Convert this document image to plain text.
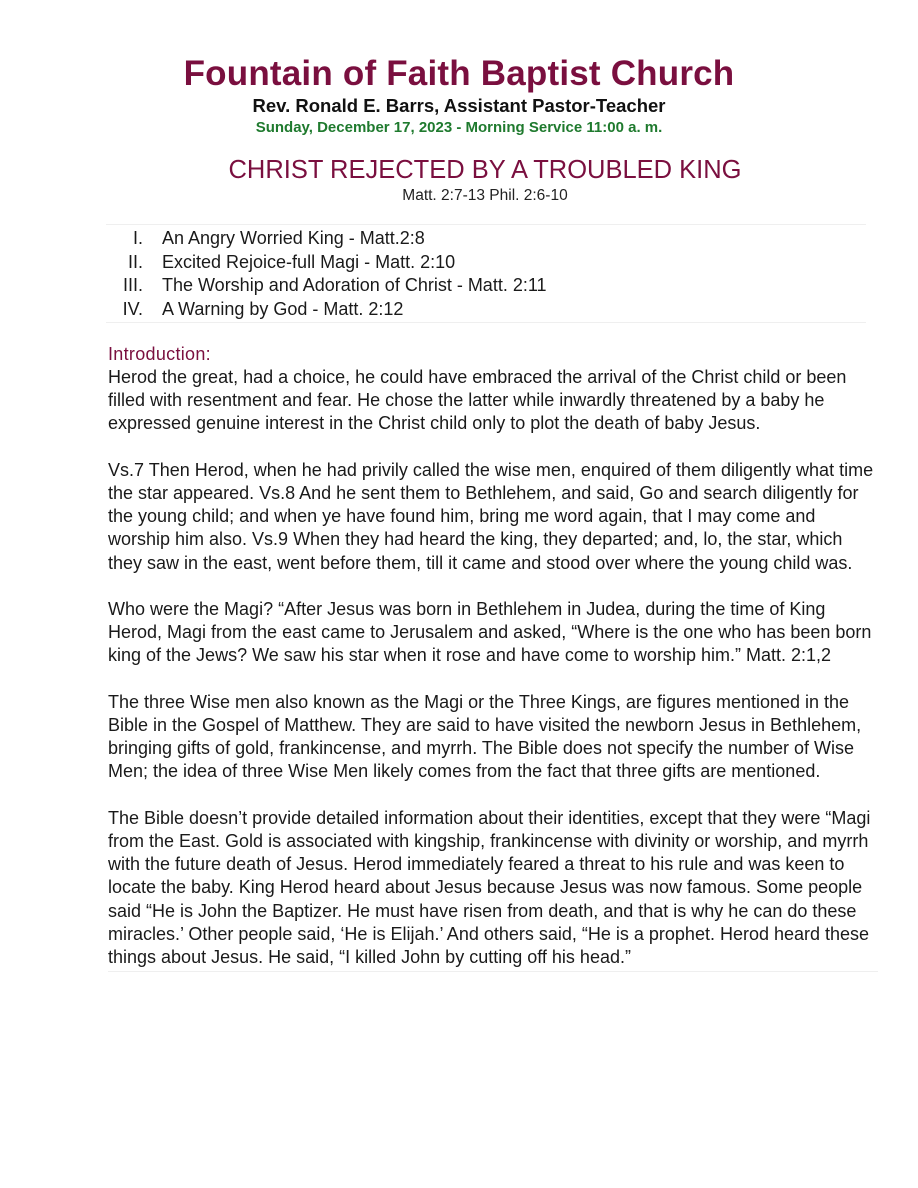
Fountain of Faith Baptist Church
Rev. Ronald E. Barrs, Assistant Pastor-Teacher
Sunday, December 17, 2023 - Morning Service 11:00 a. m.
CHRIST REJECTED BY A TROUBLED KING
Matt. 2:7-13 Phil. 2:6-10
I.	An Angry Worried King - Matt.2:8
II.	Excited Rejoice-full Magi - Matt. 2:10
III.	The Worship and Adoration of Christ - Matt. 2:11
IV.	A Warning by God - Matt. 2:12
Introduction:

Herod the great, had a choice, he could have embraced the arrival of the Christ child or been filled with resentment and fear. He chose the latter while inwardly threatened by a baby he expressed genuine interest in the Christ child only to plot the death of baby Jesus.

Vs.7 Then Herod, when he had privily called the wise men, enquired of them diligently what time the star appeared. Vs.8 And he sent them to Bethlehem, and said, Go and search diligently for the young child; and when ye have found him, bring me word again, that I may come and worship him also. Vs.9 When they had heard the king, they departed; and, lo, the star, which they saw in the east, went before them, till it came and stood over where the young child was.

Who were the Magi? “After Jesus was born in Bethlehem in Judea, during the time of King Herod, Magi from the east came to Jerusalem and asked, “Where is the one who has been born king of the Jews? We saw his star when it rose and have come to worship him.” Matt. 2:1,2

The three Wise men also known as the Magi or the Three Kings, are figures mentioned in the Bible in the Gospel of Matthew. They are said to have visited the newborn Jesus in Bethlehem, bringing gifts of gold, frankincense, and myrrh. The Bible does not specify the number of Wise Men; the idea of three Wise Men likely comes from the fact that three gifts are mentioned.

The Bible doesn’t provide detailed information about their identities, except that they were “Magi from the East. Gold is associated with kingship, frankincense with divinity or worship, and myrrh with the future death of Jesus. Herod immediately feared a threat to his rule and was keen to locate the baby. King Herod heard about Jesus because Jesus was now famous. Some people said “He is John the Baptizer. He must have risen from death, and that is why he can do these miracles.’ Other people said, ‘He is Elijah.’ And others said, “He is a prophet. Herod heard these things about Jesus. He said, “I killed John by cutting off his head.”
